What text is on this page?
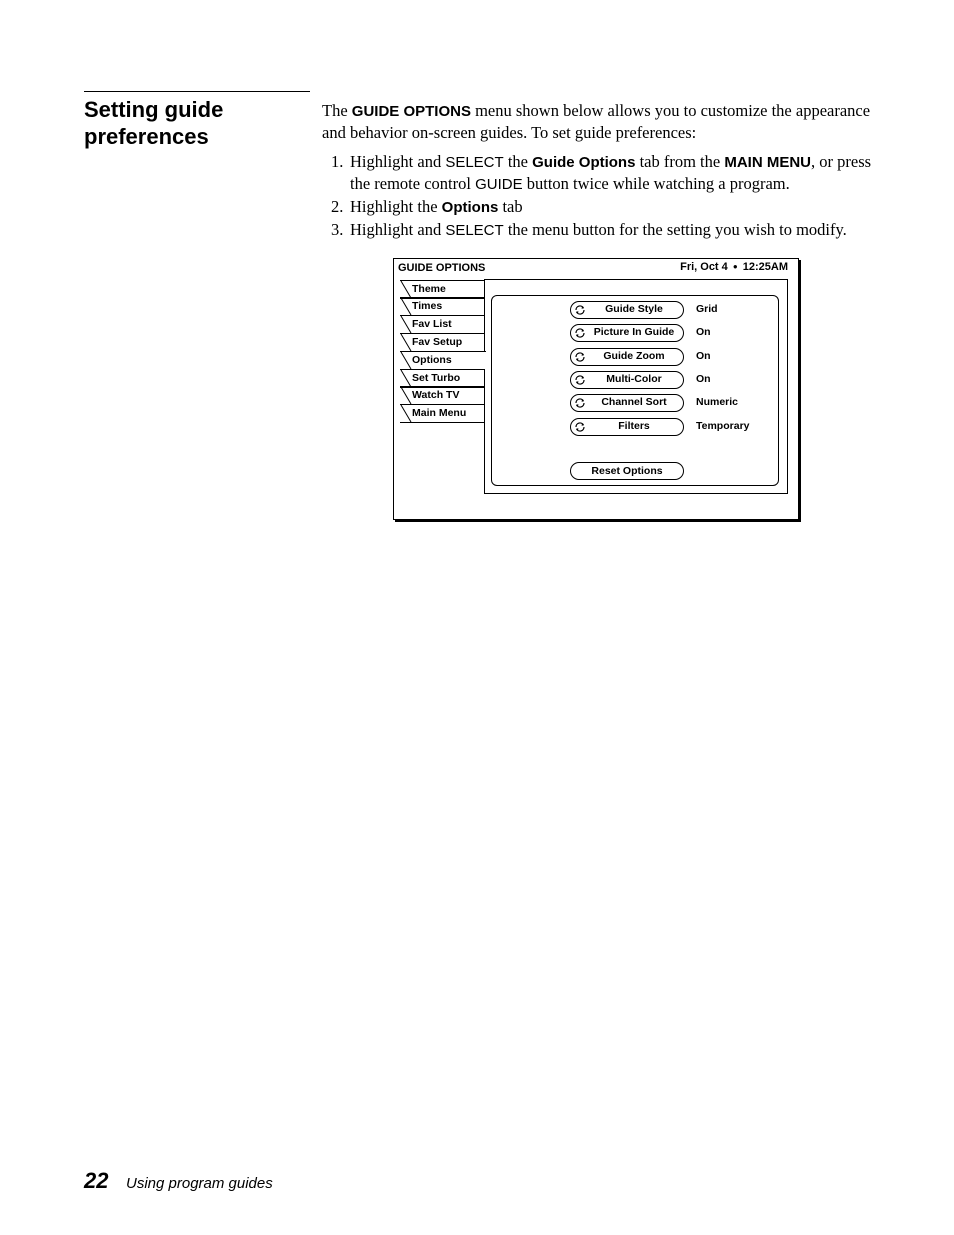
Setting guide preferences

The GUIDE OPTIONS menu shown below allows you to customize the appearance and behavior on-screen guides. To set guide preferences:

1. Highlight and SELECT the Guide Options tab from the MAIN MENU, or press the remote control GUIDE button twice while watching a program.
2. Highlight the Options tab
3. Highlight and SELECT the menu button for the setting you wish to modify.
GUIDE OPTIONS	Fri, Oct 4 ● 12:25AM
Theme
Times
Fav List
Fav Setup
Options
Set Turbo
Watch TV
Main Menu
Guide Style	Grid
Picture In Guide	On
Guide Zoom	On
Multi-Color	On
Channel Sort	Numeric
Filters	Temporary
Reset Options
22 Using program guides
